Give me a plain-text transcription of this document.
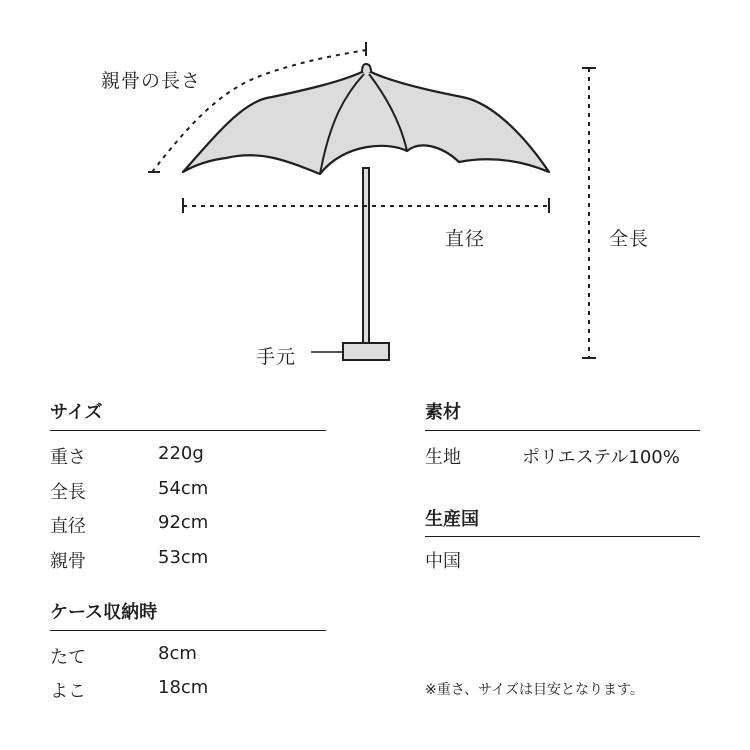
親骨の長さ
直径	全長
手元
サイズ
重さ	220g
全長	54cm
直径	92cm
親骨	53cm
ケース収納時
たて	8cm
よこ	18cm
素材
生地	ポリエステル100%
生産国
中国
※重さ、サイズは目安となります。
